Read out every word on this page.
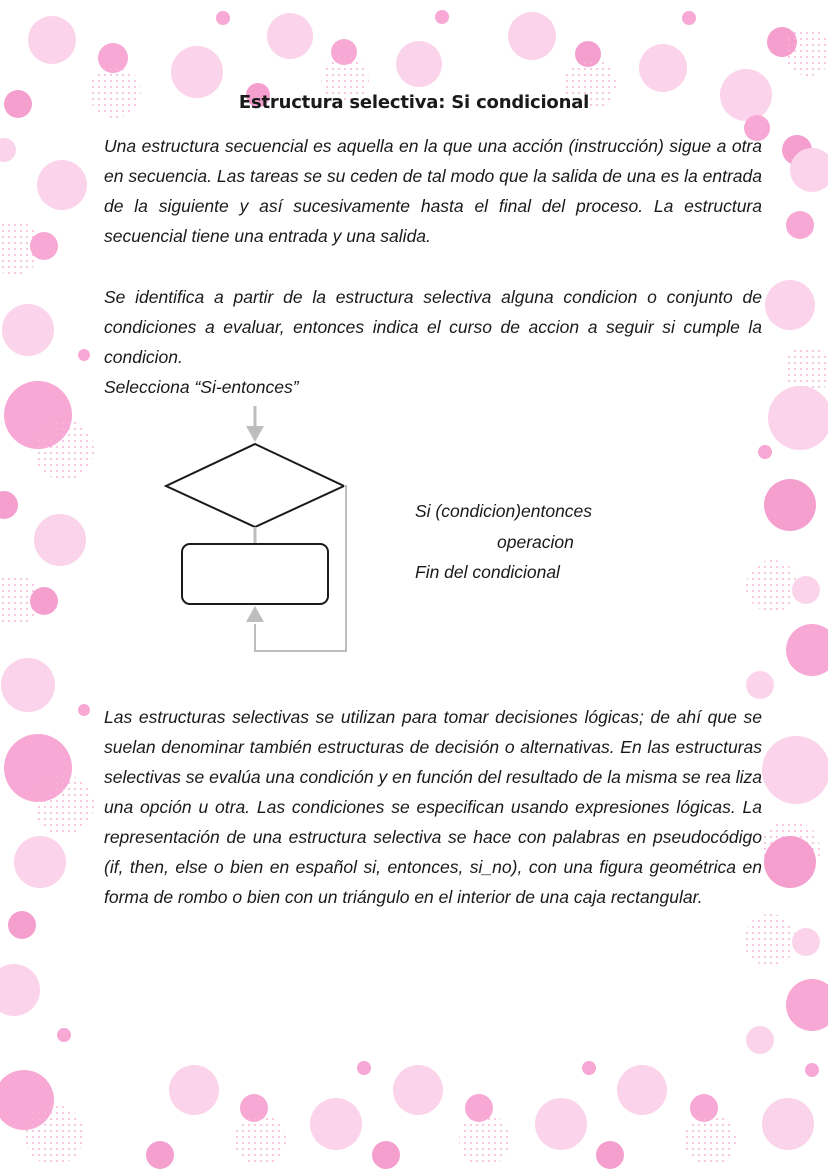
Estructura selectiva: Si condicional
Una estructura secuencial es aquella en la que una acción (instrucción) sigue a otra en secuencia. Las tareas se su ceden de tal modo que la salida de una es la entrada de la siguiente y así sucesivamente hasta el final del proceso. La estructura secuencial tiene una entrada y una salida.
Se identifica a partir de la estructura selectiva alguna condicion o conjunto de condiciones a evaluar, entonces indica el curso de accion a seguir si cumple la condicion.
Selecciona “Si-entonces”
Si (condicion)entonces
operacion
Fin del condicional
Las estructuras selectivas se utilizan para tomar decisiones lógicas; de ahí que se suelan denominar también estructuras de decisión o alternativas. En las estructuras selectivas se evalúa una condición y en función del resultado de la misma se rea liza una opción u otra. Las condiciones se especifican usando expresiones lógicas. La representación de una estructura selectiva se hace con palabras en pseudocódigo (if, then, else o bien en español si, entonces, si_no), con una figura geométrica en forma de rombo o bien con un triángulo en el interior de una caja rectangular.
